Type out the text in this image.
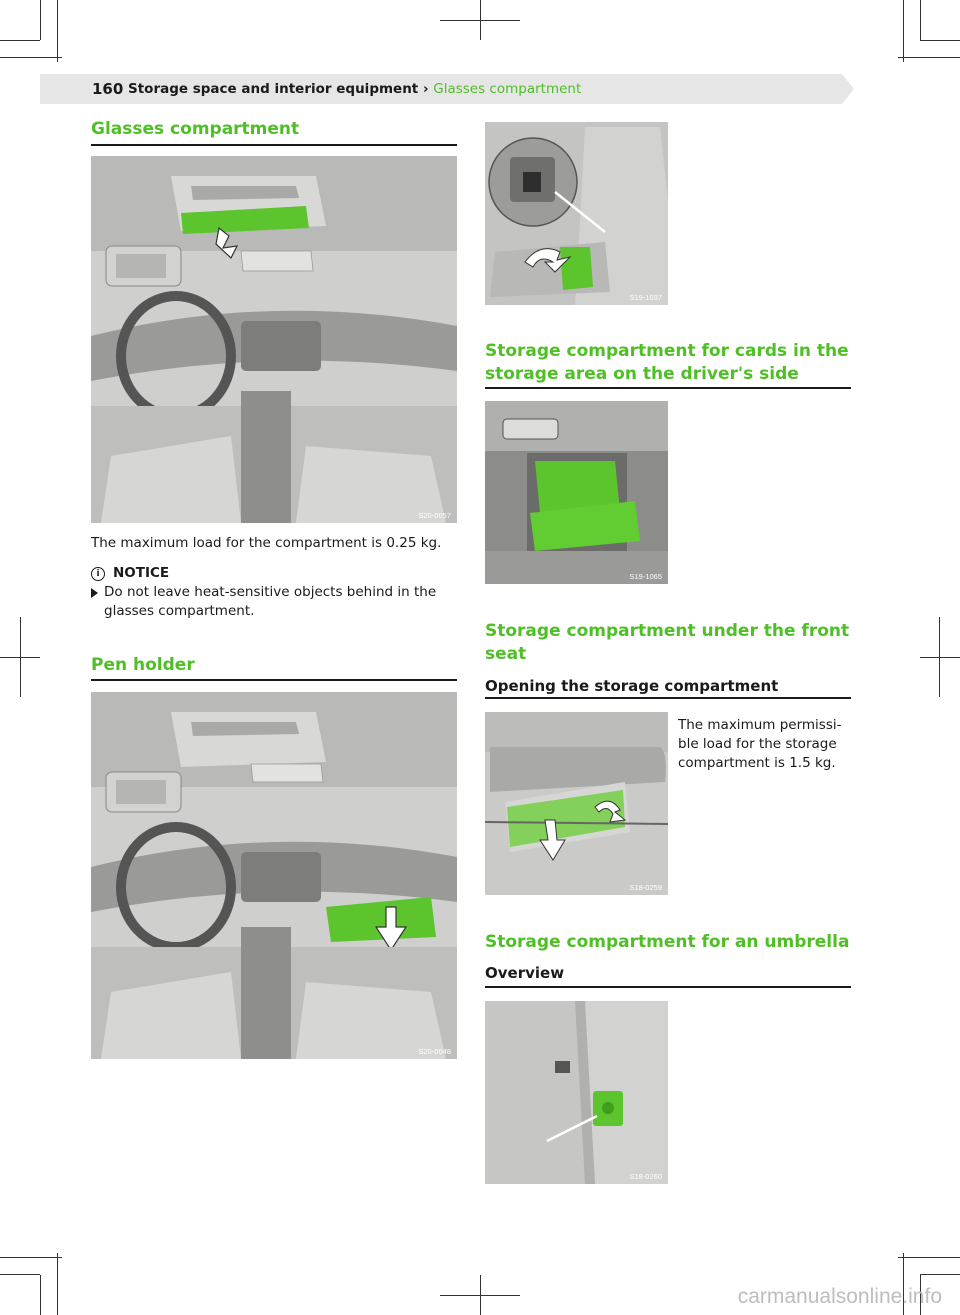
160 Storage space and interior equipment › Glasses compartment
Glasses compartment
S20-0057
The maximum load for the compartment is 0.25 kg.
i NOTICE
Do not leave heat-sensitive objects behind in the
glasses compartment.
Pen holder
S20-0048
S19-1037
Storage compartment for cards in the
storage area on the driver's side
S19-1065
Storage compartment under the front
seat
Opening the storage compartment
S18-0259
The maximum permissi-
ble load for the storage
compartment is 1.5 kg.
Storage compartment for an umbrella
Overview
S18-0260
carmanualsonline.info
